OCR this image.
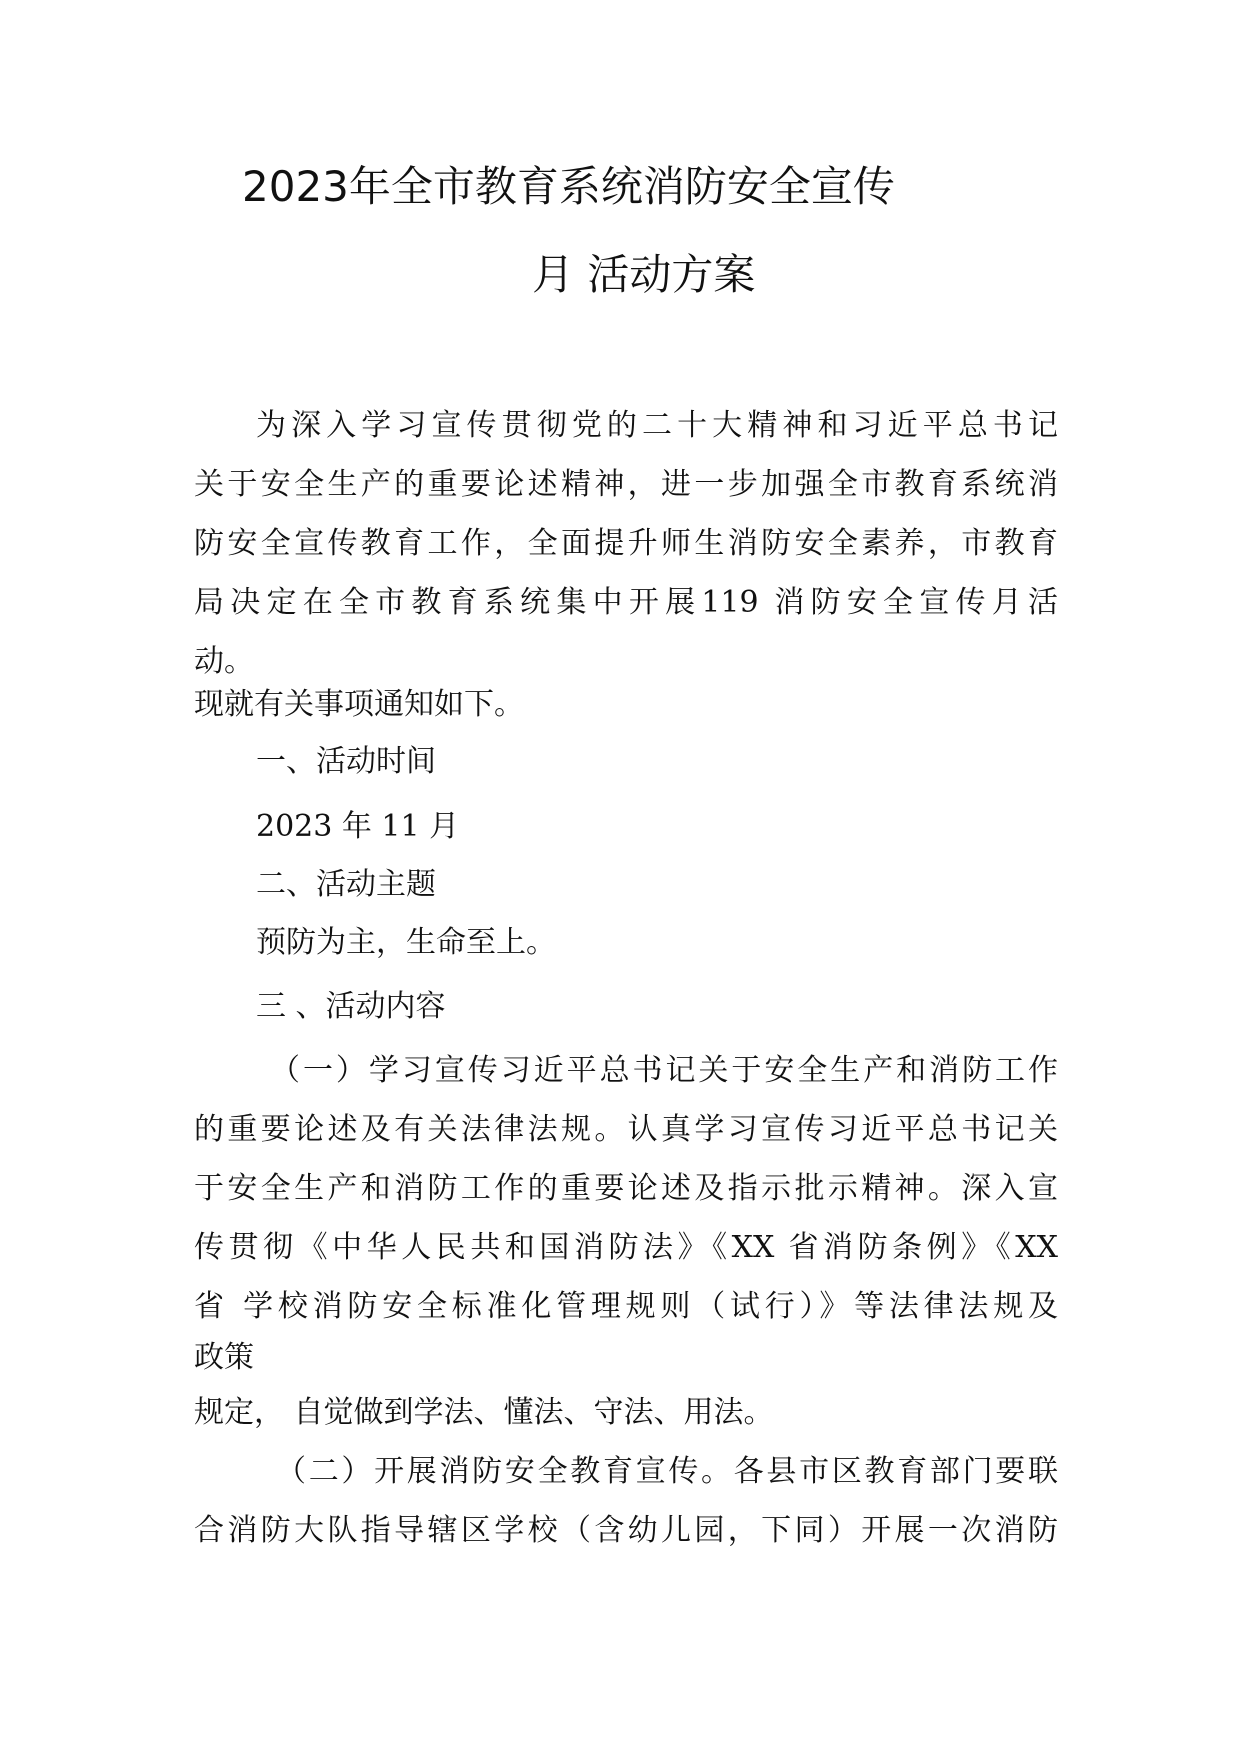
2023年全市教育系统消防安全宣传
月 活动方案
为深入学习宣传贯彻党的二十大精神和习近平总书记
关于安全生产的重要论述精神，进一步加强全市教育系统消
防安全宣传教育工作，全面提升师生消防安全素养，市教育
局决定在全市教育系统集中开展119 消防安全宣传月活
动。
现就有关事项通知如下。
一、活动时间
2023 年 11 月
二、活动主题
预防为主，生命至上。
三 、活动内容
（一）学习宣传习近平总书记关于安全生产和消防工作
的重要论述及有关法律法规。认真学习宣传习近平总书记关
于安全生产和消防工作的重要论述及指示批示精神。深入宣
传贯彻《中华人民共和国消防法》《XX 省消防条例》《XX
省 学校消防安全标准化管理规则（试行）》等法律法规及
政策
规定， 自觉做到学法、懂法、守法、用法。
（二）开展消防安全教育宣传。各县市区教育部门要联
合消防大队指导辖区学校（含幼儿园，下同）开展一次消防
